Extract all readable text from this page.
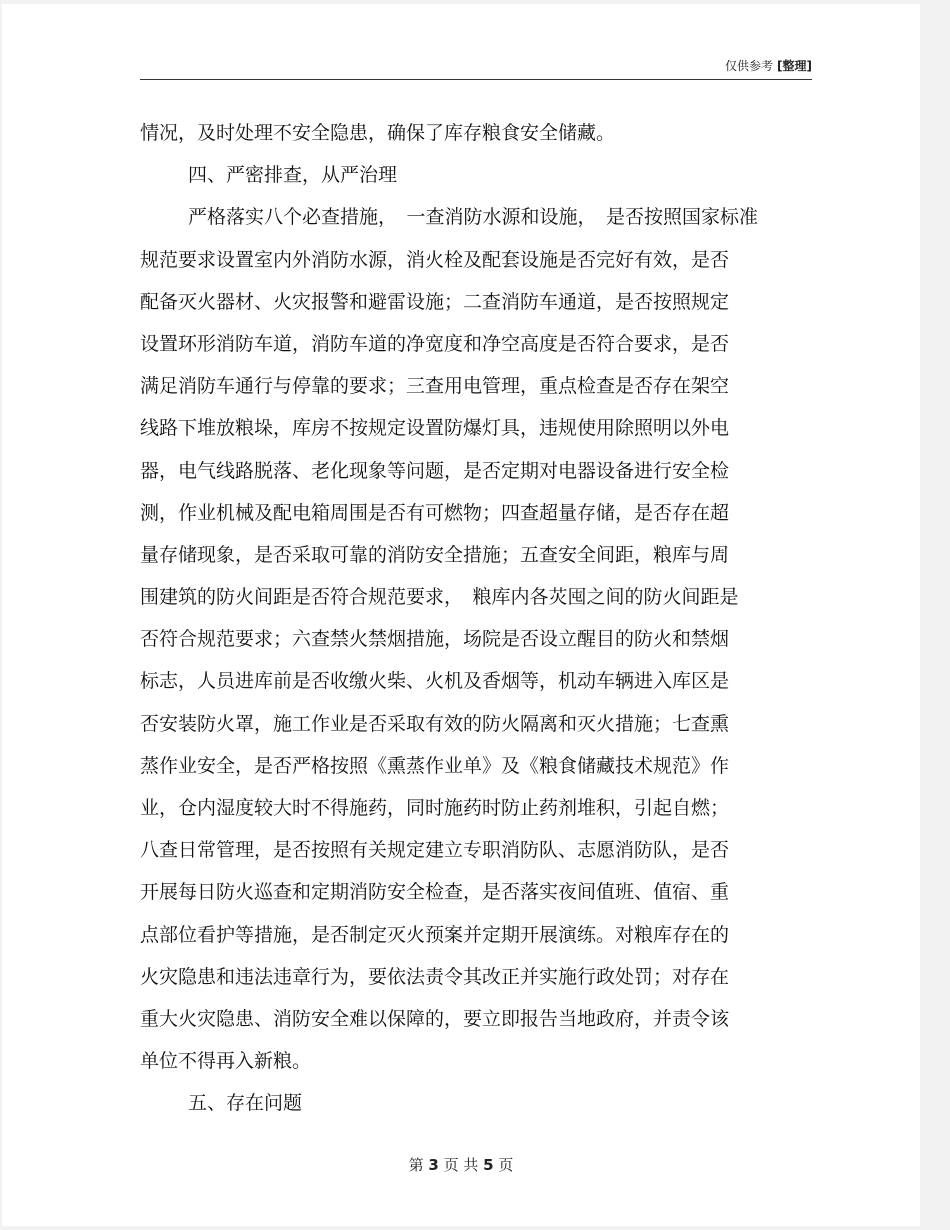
仅供参考 [整理]
情况，及时处理不安全隐患，确保了库存粮食安全储藏。
四、严密排查，从严治理
严格落实八个必查措施，　一查消防水源和设施，　是否按照国家标准
规范要求设置室内外消防水源，消火栓及配套设施是否完好有效，是否
配备灭火器材、火灾报警和避雷设施；二查消防车通道，是否按照规定
设置环形消防车道，消防车道的净宽度和净空高度是否符合要求，是否
满足消防车通行与停靠的要求；三查用电管理，重点检查是否存在架空
线路下堆放粮垛，库房不按规定设置防爆灯具，违规使用除照明以外电
器，电气线路脱落、老化现象等问题，是否定期对电器设备进行安全检
测，作业机械及配电箱周围是否有可燃物；四查超量存储，是否存在超
量存储现象，是否采取可靠的消防安全措施；五查安全间距，粮库与周
围建筑的防火间距是否符合规范要求，　粮库内各苂囤之间的防火间距是
否符合规范要求；六查禁火禁烟措施，场院是否设立醒目的防火和禁烟
标志，人员进库前是否收缴火柴、火机及香烟等，机动车辆进入库区是
否安装防火罩，施工作业是否采取有效的防火隔离和灭火措施；七查熏
蒸作业安全，是否严格按照《熏蒸作业单》及《粮食储藏技术规范》作
业，仓内湿度较大时不得施药，同时施药时防止药剂堆积，引起自燃；
八查日常管理，是否按照有关规定建立专职消防队、志愿消防队，是否
开展每日防火巡查和定期消防安全检查，是否落实夜间值班、值宿、重
点部位看护等措施，是否制定灭火预案并定期开展演练。对粮库存在的
火灾隐患和违法违章行为，要依法责令其改正并实施行政处罚；对存在
重大火灾隐患、消防安全难以保障的，要立即报告当地政府，并责令该
单位不得再入新粮。
五、存在问题
第 3 页 共 5 页
